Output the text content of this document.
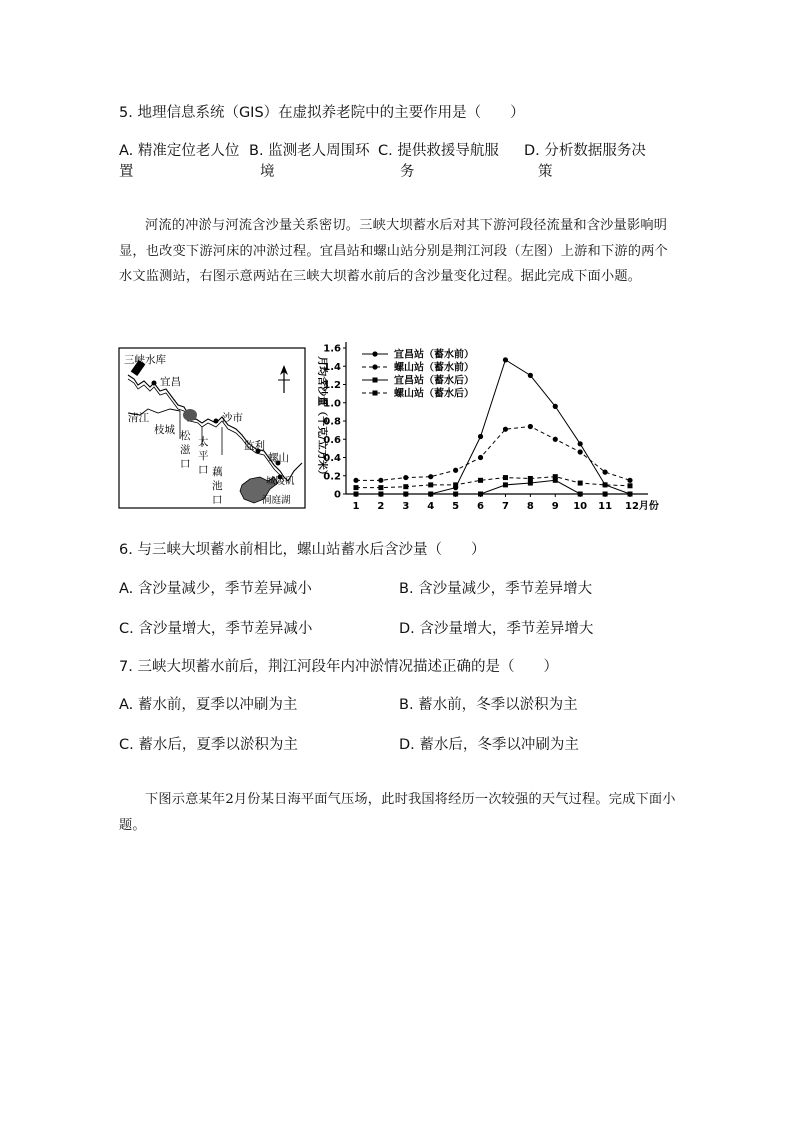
5. 地理信息系统（GIS）在虚拟养老院中的主要作用是（　　）
A. 精准定位老人位 B. 监测老人周围环 C. 提供救援导航服 D. 分析数据服务决
置	境	务	策
河流的冲淤与河流含沙量关系密切。三峡大坝蓄水后对其下游河段径流量和含沙量影响明显，也改变下游河床的冲淤过程。宜昌站和螺山站分别是荆江河段（左图）上游和下游的两个水文监测站，右图示意两站在三峡大坝蓄水前后的含沙量变化过程。据此完成下面小题。
三峡水库
宜昌
清江
枝城 松
滋
口
太
平
口
沙市
藕
池
口
监利
螺山
城陵矶
洞庭湖
月均含沙量（千克/立方米）
0
0.2
0.4
0.6
0.8
1.0
1.2
1.4
1.6
1 2 3 4 5 6 7 8 9 10 11 12月份
宜昌站（蓄水前）
螺山站（蓄水前）
宜昌站（蓄水后）
螺山站（蓄水后）
6. 与三峡大坝蓄水前相比，螺山站蓄水后含沙量（　　）
A. 含沙量减少，季节差异减小	B. 含沙量减少，季节差异增大
C. 含沙量增大，季节差异减小	D. 含沙量增大，季节差异增大
7. 三峡大坝蓄水前后，荆江河段年内冲淤情况描述正确的是（　　）
A. 蓄水前，夏季以冲刷为主	B. 蓄水前，冬季以淤积为主
C. 蓄水后，夏季以淤积为主	D. 蓄水后，冬季以冲刷为主
下图示意某年2月份某日海平面气压场，此时我国将经历一次较强的天气过程。完成下面小题。
